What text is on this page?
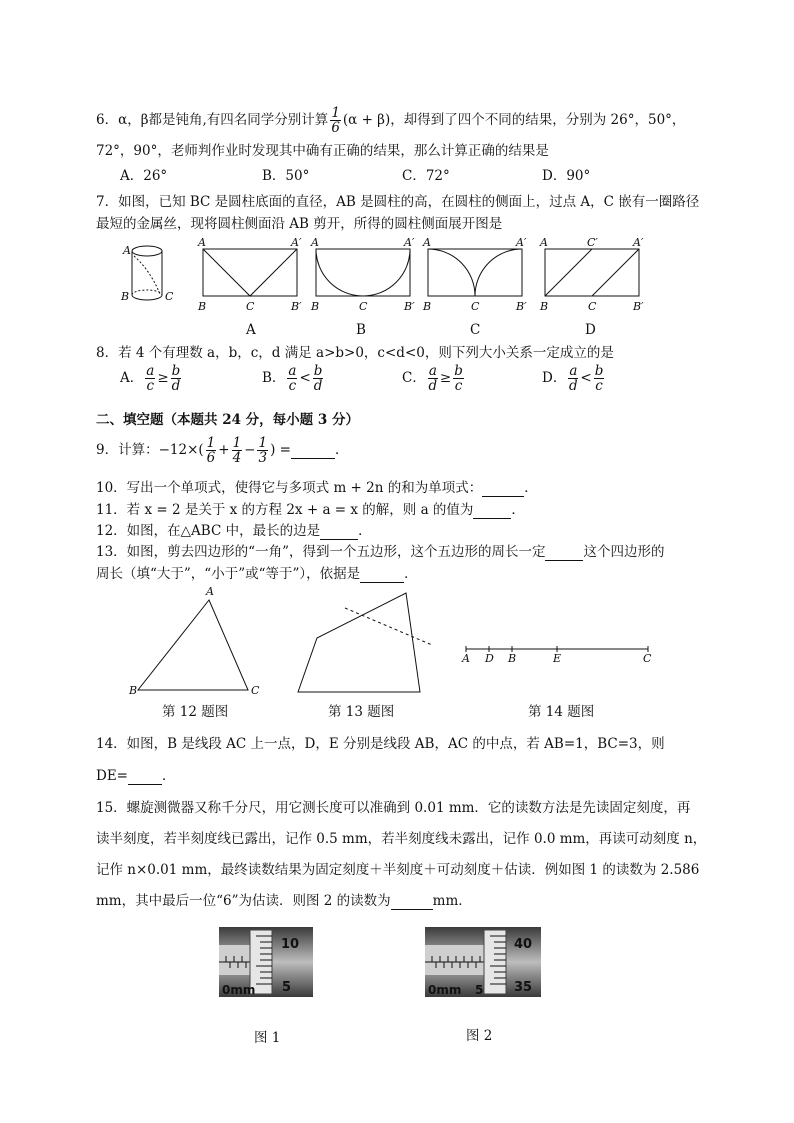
6．α，β都是钝角,有四名同学分别计算 $\frac{1}{6} (\alpha + \beta)$，却得到了四个不同的结果，分别为 26°，50°，
72°，90°，老师判作业时发现其中确有正确的结果，那么计算正确的结果是
A．26°	B．50°	C．72°	D．90°
7．如图，已知 BC 是圆柱底面的直径，AB 是圆柱的高，在圆柱的侧面上，过点 A，C 嵌有一圈路径
最短的金属丝，现将圆柱侧面沿 AB 剪开，所得的圆柱侧面展开图是
A
B	C
A	A′
B	C	B′
A	A′
B	C	B′
A	A′
B	C	B′
A	C′	A′
B	C	B′
A	B	C	D
8．若 4 个有理数 a，b，c，d 满足 a>b>0，c<d<0，则下列大小关系一定成立的是
A． $\frac{a}{c} \ge \frac{b}{d}$	B． $\frac{a}{c} < \frac{b}{d}$	C． $\frac{a}{d} \ge \frac{b}{c}$	D． $\frac{a}{d} < \frac{b}{c}$
二、填空题（本题共 24 分，每小题 3 分）
9．计算：$-12\times( \frac{1}{6} + \frac{1}{4} - \frac{1}{3}$ ) =	．
10．写出一个单项式，使得它与多项式 m + 2n 的和为单项式：	．
11．若 x = 2 是关于 x 的方程 2x + a = x 的解，则 a 的值为	．
12．如图，在△ABC 中，最长的边是	．
13．如图，剪去四边形的“一角”，得到一个五边形，这个五边形的周长一定	这个四边形的
周长（填“大于”，“小于”或“等于”），依据是	．
A
B	C
A D B	E	C
第 12 题图	第 13 题图	第 14 题图
14．如图，B 是线段 AC 上一点，D，E 分别是线段 AB，AC 的中点，若 AB=1，BC=3，则
DE=	．
15．螺旋测微器又称千分尺，用它测长度可以准确到 0.01 mm．它的读数方法是先读固定刻度，再
读半刻度，若半刻度线已露出，记作 0.5 mm，若半刻度线未露出，记作 0.0 mm，再读可动刻度 n，
记作 n×0.01 mm，最终读数结果为固定刻度＋半刻度＋可动刻度＋估读．例如图 1 的读数为 2.586
mm，其中最后一位“6”为估读．则图 2 的读数为	mm．
10
5
0mm
40
35
0mm 5
图 1	图 2
